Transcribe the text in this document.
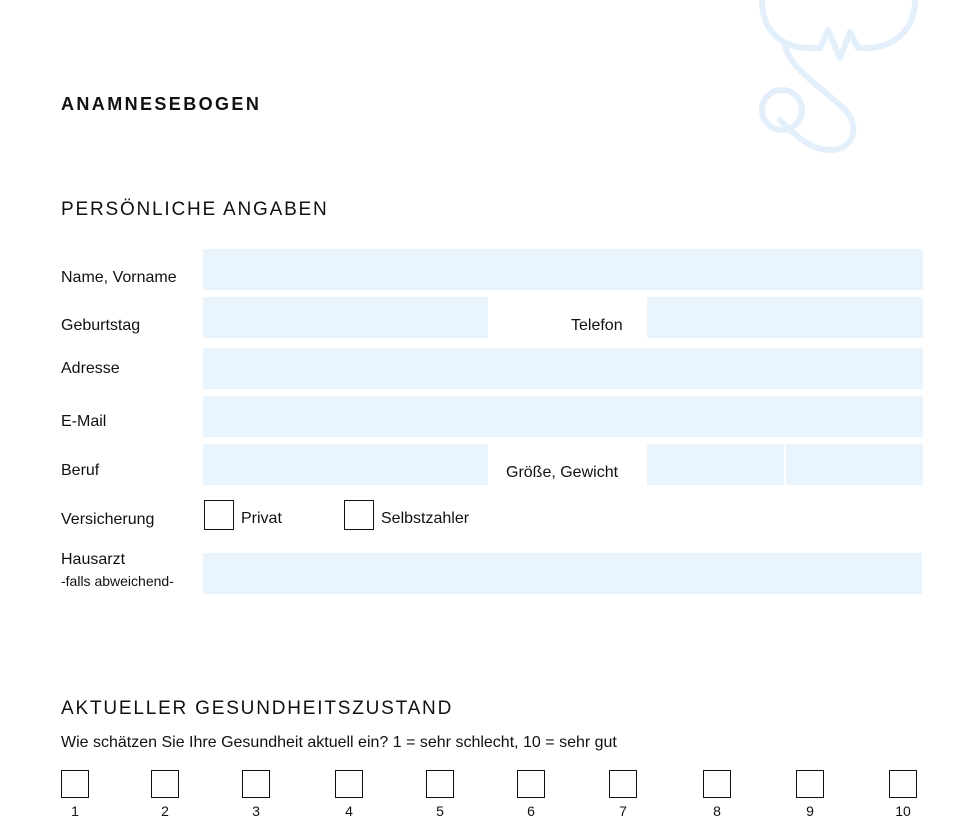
ANAMNESEBOGEN
PERSÖNLICHE ANGABEN
Name, Vorname
Geburtstag	Telefon
Adresse
E-Mail
Beruf	Größe, Gewicht
Versicherung	Privat	Selbstzahler
Hausarzt
-falls abweichend-
AKTUELLER GESUNDHEITSZUSTAND
Wie schätzen Sie Ihre Gesundheit aktuell ein? 1 = sehr schlecht, 10 = sehr gut
1	2	3	4	5	6	7	8	9	10
